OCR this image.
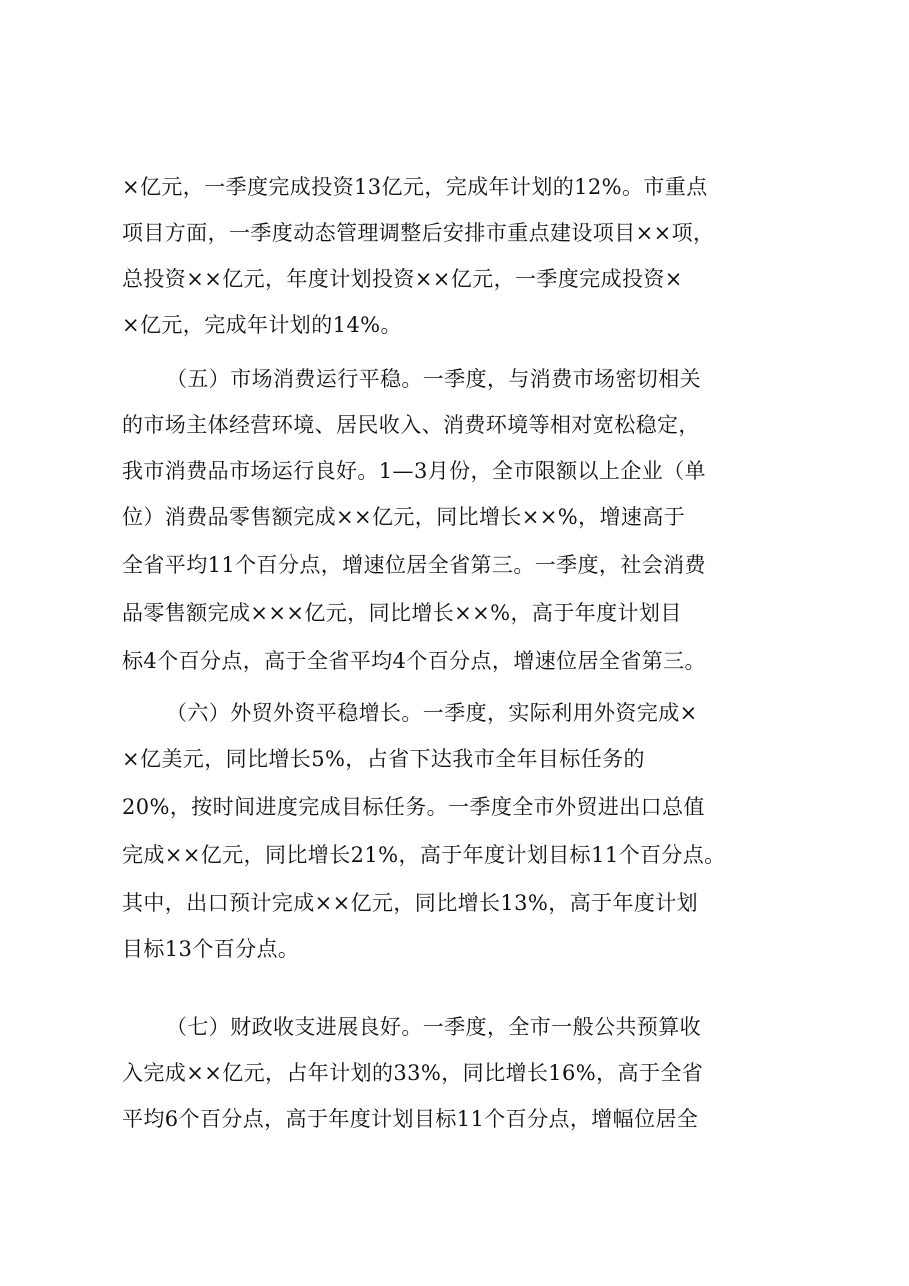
×亿元，一季度完成投资13亿元，完成年计划的12%。市重点
项目方面，一季度动态管理调整后安排市重点建设项目××项，
总投资××亿元，年度计划投资××亿元，一季度完成投资×
×亿元，完成年计划的14%。
（五）市场消费运行平稳。一季度，与消费市场密切相关
的市场主体经营环境、居民收入、消费环境等相对宽松稳定，
我市消费品市场运行良好。1—3月份，全市限额以上企业（单
位）消费品零售额完成××亿元，同比增长××%，增速高于
全省平均11个百分点，增速位居全省第三。一季度，社会消费
品零售额完成×××亿元，同比增长××%，高于年度计划目
标4个百分点，高于全省平均4个百分点，增速位居全省第三。
（六）外贸外资平稳增长。一季度，实际利用外资完成×
×亿美元，同比增长5%，占省下达我市全年目标任务的
20%，按时间进度完成目标任务。一季度全市外贸进出口总值
完成××亿元，同比增长21%，高于年度计划目标11个百分点。
其中，出口预计完成××亿元，同比增长13%，高于年度计划
目标13个百分点。
（七）财政收支进展良好。一季度，全市一般公共预算收
入完成××亿元，占年计划的33%，同比增长16%，高于全省
平均6个百分点，高于年度计划目标11个百分点，增幅位居全
